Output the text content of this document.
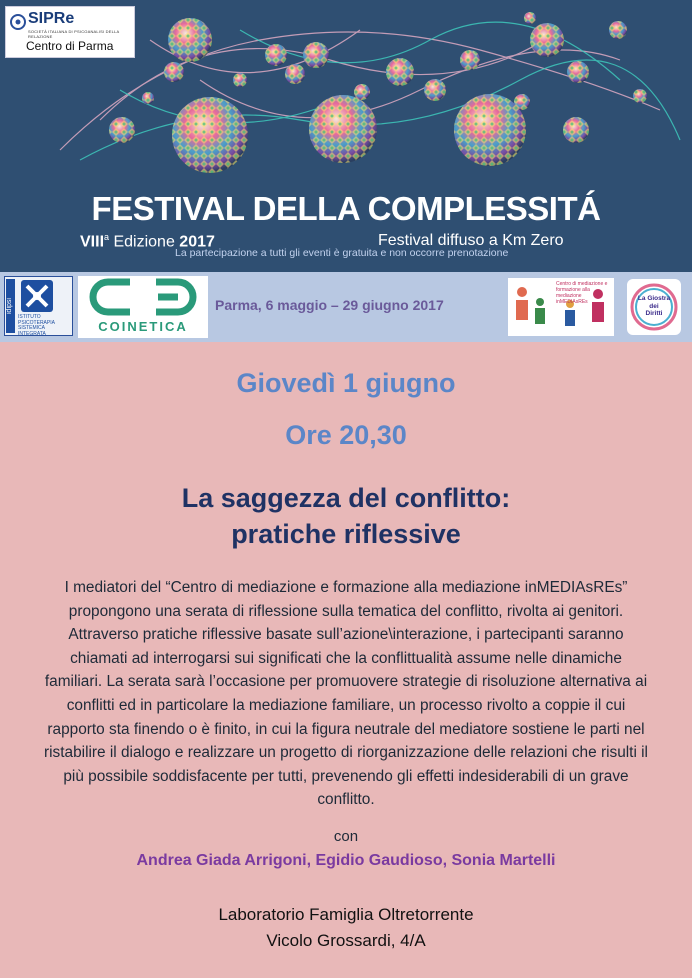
SIPRe
SOCIETÀ ITALIANA DI PSICOANALISI DELLA RELAZIONE
Centro di Parma
FESTIVAL DELLA COMPLESSITÁ
VIII$^a$ Edizione 2017	Festival diffuso a Km Zero
La partecipazione a tutti gli eventi è gratuita e non occorre prenotazione
idipsi
ISTITUTO
PSICOTERAPIA
SISTEMICA
INTEGRATA	COINETICA
Parma, 6 maggio – 29 giugno 2017
Centro di mediazione e formazione alla mediazione inMEDIAsREs	La Giostra
dei
Diritti
Giovedì 1 giugno
Ore 20,30
La saggezza del conflitto:
pratiche riflessive
I mediatori del “Centro di mediazione e formazione alla mediazione inMEDIAsREs”
propongono una serata di riflessione sulla tematica del conflitto, rivolta ai genitori.
Attraverso pratiche riflessive basate sull’azione\interazione, i partecipanti saranno
chiamati ad interrogarsi sui significati che la conflittualità assume nelle dinamiche
familiari. La serata sarà l’occasione per promuovere strategie di risoluzione alternativa ai
conflitti ed in particolare la mediazione familiare, un processo rivolto a coppie il cui
rapporto sta finendo o è finito, in cui la figura neutrale del mediatore sostiene le parti nel
ristabilire il dialogo e realizzare un progetto di riorganizzazione delle relazioni che risulti il
più possibile soddisfacente per tutti, prevenendo gli effetti indesiderabili di un grave
conflitto.
con
Andrea Giada Arrigoni, Egidio Gaudioso, Sonia Martelli
Laboratorio Famiglia Oltretorrente
Vicolo Grossardi, 4/A
